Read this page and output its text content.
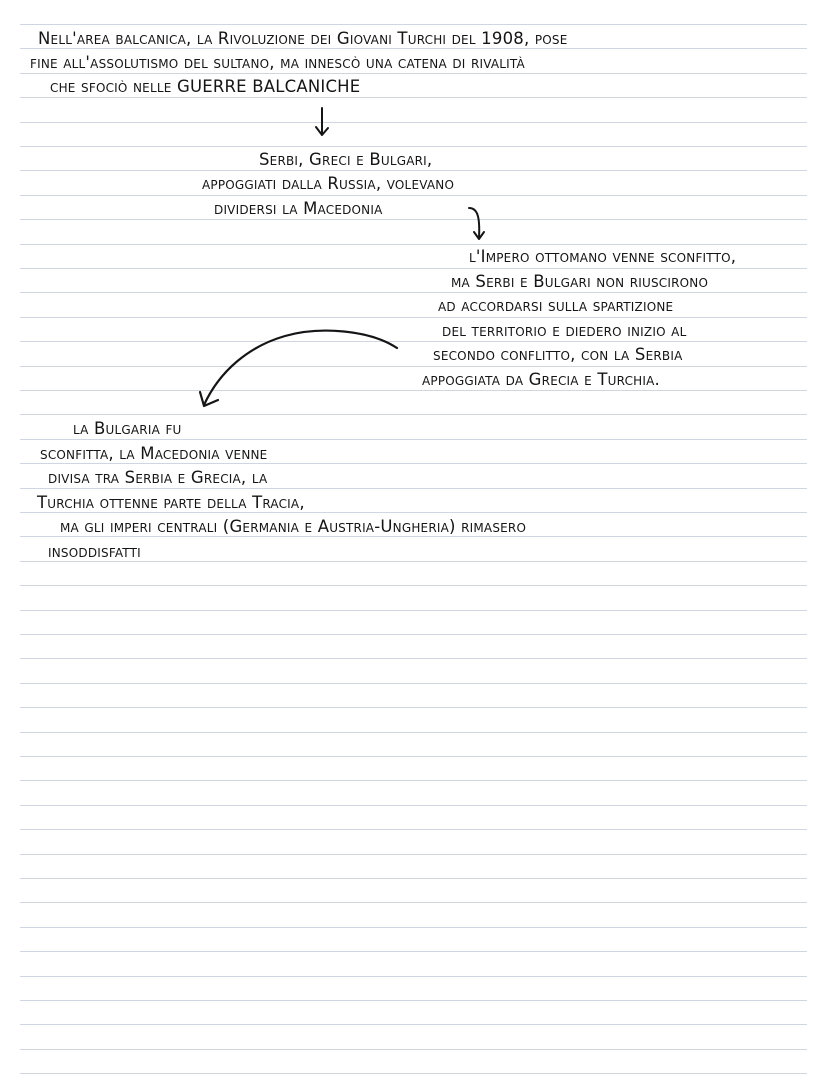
Nell'area balcanica, la Rivoluzione dei Giovani Turchi del 1908, pose
fine all'assolutismo del sultano, ma innescò una catena di rivalità
che sfociò nelle GUERRE BALCANICHE
Serbi, Greci e Bulgari,
appoggiati dalla Russia, volevano
dividersi la Macedonia
l'Impero ottomano venne sconfitto,
ma Serbi e Bulgari non riuscirono
ad accordarsi sulla spartizione
del territorio e diedero inizio al
secondo conflitto, con la Serbia
appoggiata da Grecia e Turchia.
la Bulgaria fu
sconfitta, la Macedonia venne
divisa tra Serbia e Grecia, la
Turchia ottenne parte della Tracia,
ma gli imperi centrali (Germania e Austria-Ungheria) rimasero
insoddisfatti
